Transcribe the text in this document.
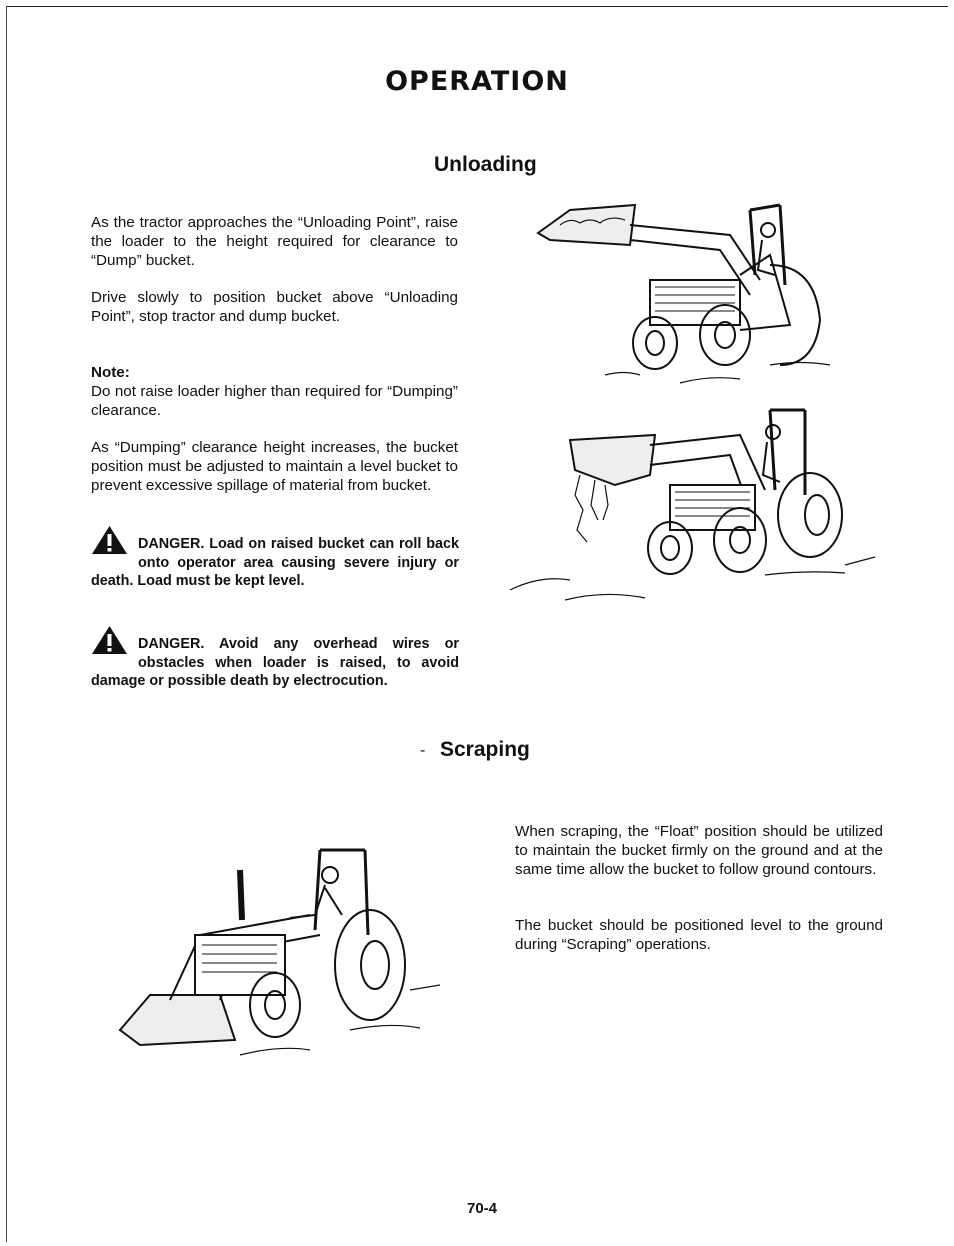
OPERATION
Unloading

As the tractor approaches the “Unloading Point”, raise the loader to the height required for clearance to “Dump” bucket.

Drive slowly to position bucket above “Unloading Point”, stop tractor and dump bucket.

Note:
Do not raise loader higher than required for “Dumping” clearance.

As “Dumping” clearance height increases, the bucket position must be adjusted to maintain a level bucket to prevent excessive spillage of material from bucket.

DANGER. Load on raised bucket can roll back onto operator area causing severe injury or death. Load must be kept level.
DANGER. Avoid any overhead wires or obstacles when loader is raised, to avoid damage or possible death by electrocution.
- Scraping

When scraping, the “Float” position should be utilized to maintain the bucket firmly on the ground and at the same time allow the bucket to follow ground contours.

The bucket should be positioned level to the ground during “Scraping” operations.

70-4
